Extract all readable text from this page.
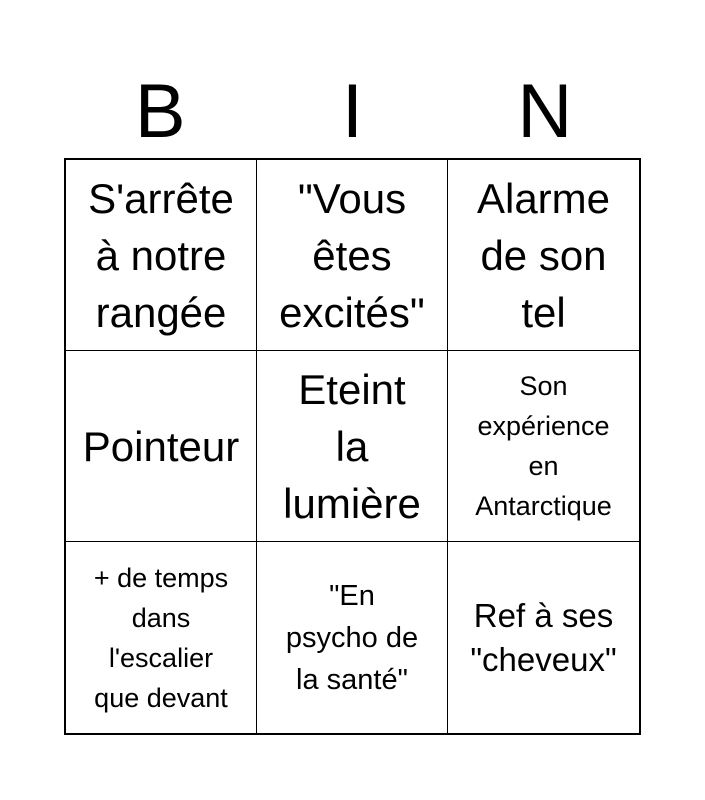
B	I	N
S'arrête
à notre
rangée
"Vous
êtes
excités"
Alarme
de son
tel
Pointeur
Eteint
la
lumière
Son
expérience
en
Antarctique
+ de temps
dans
l'escalier
que devant
"En
psycho de
la santé"
Ref à ses
"cheveux"
